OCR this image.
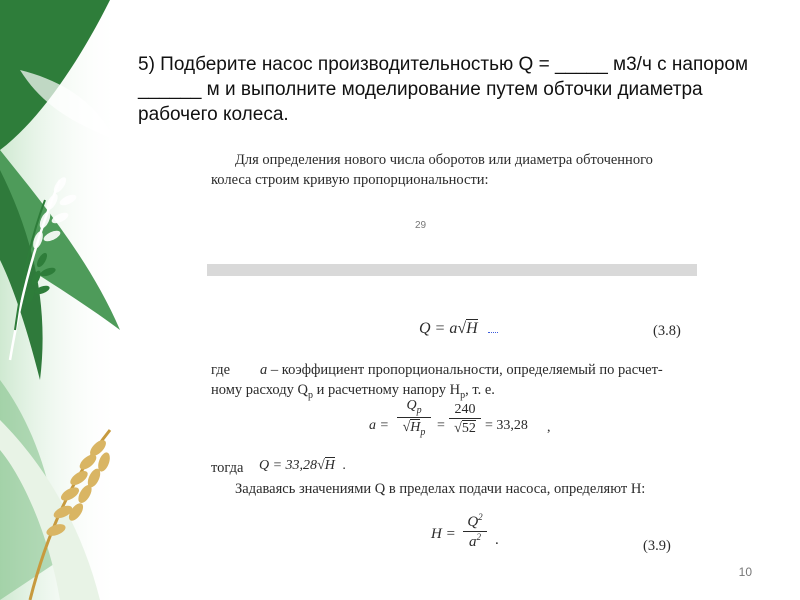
5) Подберите насос производительностью Q = _____ м3/ч с напором ______ м и выполните моделирование путем обточки диаметра рабочего колеса.

Для определения нового числа оборотов или диаметра обточенного колеса строим кривую пропорциональности:

29
Q = a√H	(3.8)

где a – коэффициент пропорциональности, определяемый по расчет-ному расходу $Q_р$ и расчетному напору $Н_р$, т. е.

a =
$Q_p$
$√H_p$ =
240
√52 = 33,28 ,
тогда Q = 33,28√H .

Задаваясь значениями Q в пределах подачи насоса, определяют Н:

H =
$Q^2$
$a^2$ .	(3.9)
10
